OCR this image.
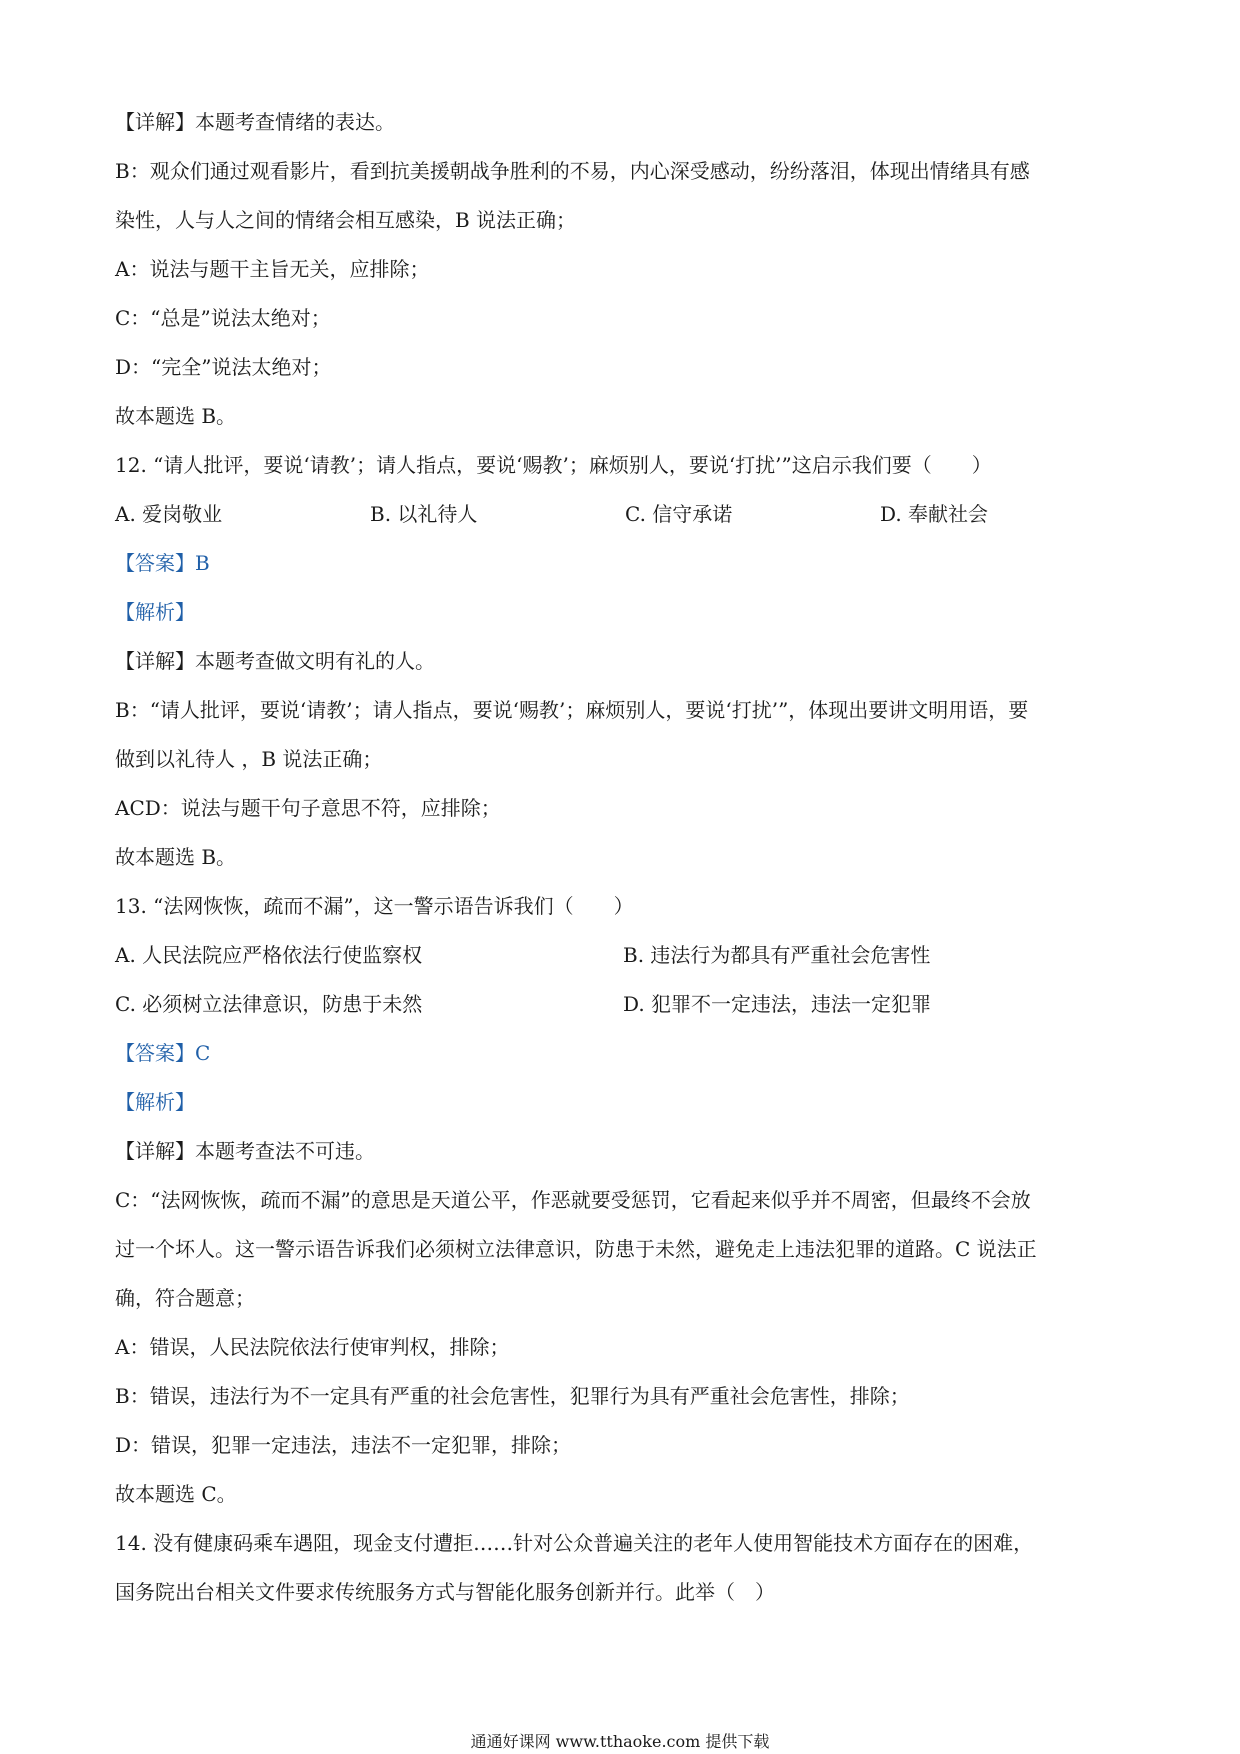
【详解】本题考查情绪的表达。

B：观众们通过观看影片，看到抗美援朝战争胜利的不易，内心深受感动，纷纷落泪，体现出情绪具有感

染性，人与人之间的情绪会相互感染，B 说法正确；

A：说法与题干主旨无关，应排除；

C：“总是”说法太绝对；

D：“完全”说法太绝对；

故本题选 B。

12. “请人批评，要说‘请教’；请人指点，要说‘赐教’；麻烦别人，要说‘打扰’”这启示我们要（　　）

A. 爱岗敬业	B. 以礼待人	C. 信守承诺	D. 奉献社会

【答案】B

【解析】

【详解】本题考查做文明有礼的人。

B：“请人批评，要说‘请教’；请人指点，要说‘赐教’；麻烦别人，要说‘打扰’”，体现出要讲文明用语，要

做到以礼待人 ，B 说法正确；

ACD：说法与题干句子意思不符，应排除；

故本题选 B。

13. “法网恢恢，疏而不漏”，这一警示语告诉我们（　　）

A. 人民法院应严格依法行使监察权	B. 违法行为都具有严重社会危害性
C. 必须树立法律意识，防患于未然	D. 犯罪不一定违法，违法一定犯罪

【答案】C

【解析】

【详解】本题考查法不可违。

C：“法网恢恢，疏而不漏”的意思是天道公平，作恶就要受惩罚，它看起来似乎并不周密，但最终不会放

过一个坏人。这一警示语告诉我们必须树立法律意识，防患于未然，避免走上违法犯罪的道路。C 说法正

确，符合题意；

A：错误，人民法院依法行使审判权，排除；

B：错误，违法行为不一定具有严重的社会危害性，犯罪行为具有严重社会危害性，排除；

D：错误，犯罪一定违法，违法不一定犯罪，排除；

故本题选 C。

14. 没有健康码乘车遇阻，现金支付遭拒……针对公众普遍关注的老年人使用智能技术方面存在的困难，

国务院出台相关文件要求传统服务方式与智能化服务创新并行。此举（　）

通通好课网 www.tthaoke.com 提供下载
